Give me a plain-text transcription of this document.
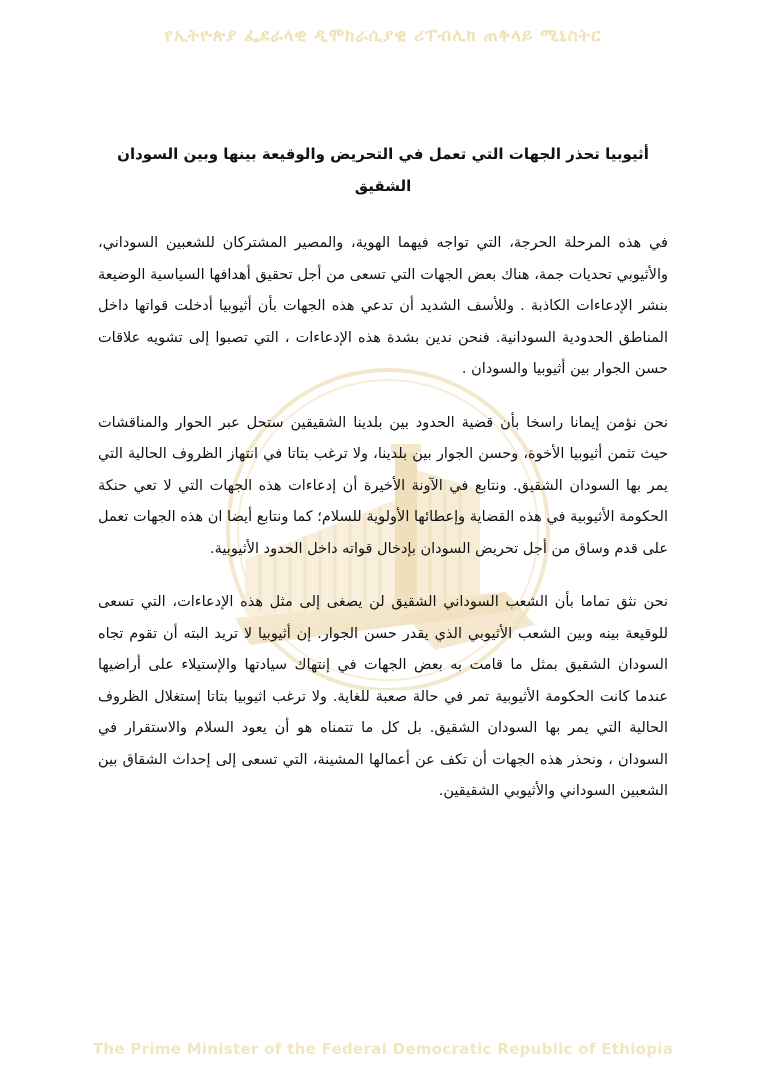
የኢትዮጵያ ፌደራላዊ ዲሞክራሲያዊ ሪፐብሊክ ጠቅላይ ሚኒስትር
أثيوبيا تحذر الجهات التي تعمل في التحريض والوقيعة بينها وبين السودان الشقيق

في هذه المرحلة الحرجة، التي تواجه فيهما الهوية، والمصير المشتركان للشعبين السوداني، والأثيوبي تحديات جمة، هناك بعض الجهات التي تسعى من أجل تحقيق أهدافها السياسية الوضيعة بنشر الإدعاءات الكاذبة . وللأسف الشديد أن تدعي هذه الجهات بأن أثيوبيا أدخلت قواتها داخل المناطق الحدودية السودانية. فنحن ندين بشدة هذه الإدعاءات ، التي تصبوا إلى تشويه علاقات حسن الجوار بين أثيوبيا والسودان .

نحن نؤمن إيمانا راسخا بأن قضية الحدود بين بلدينا الشقيقين ستحل عبر الحوار والمناقشات حيث تثمن أثيوبيا الأخوة، وحسن الجوار بين بلدينا، ولا ترغب بتاتا في انتهاز الظروف الحالية التي يمر بها السودان الشقيق. ونتابع في الآونة الأخيرة أن إدعاءات هذه الجهات التي لا تعي حنكة الحكومة الأثيوبية في هذه القضاية وإعطائها الأولوية للسلام؛ كما ونتابع أيضا ان هذه الجهات تعمل على قدم وساق من أجل تحريض السودان بإدخال قواته داخل الحدود الأثيوبية.

نحن نثق تماما بأن الشعب السوداني الشقيق لن يصغى إلى مثل هذه الإدعاءات، التي تسعى للوقيعة بينه وبين الشعب الأثيوبي الذي يقدر حسن الجوار. إن أثيوبيا لا تريد البته أن تقوم تجاه السودان الشقيق بمثل ما قامت به بعض الجهات في إنتهاك سيادتها والإستيلاء على أراضيها عندما كانت الحكومة الأثيوبية تمر في حالة صعبة للغاية. ولا ترغب اثيوبيا بتاتا إستغلال الظروف الحالية التي يمر بها السودان الشقيق. بل كل ما تتمناه هو أن يعود السلام والاستقرار في السودان ، ونحذر هذه الجهات أن تكف عن أعمالها المشينة، التي تسعى إلى إحداث الشقاق بين الشعبين السوداني والأثيوبي الشقيقين.

The Prime Minister of the Federal Democratic Republic of Ethiopia
